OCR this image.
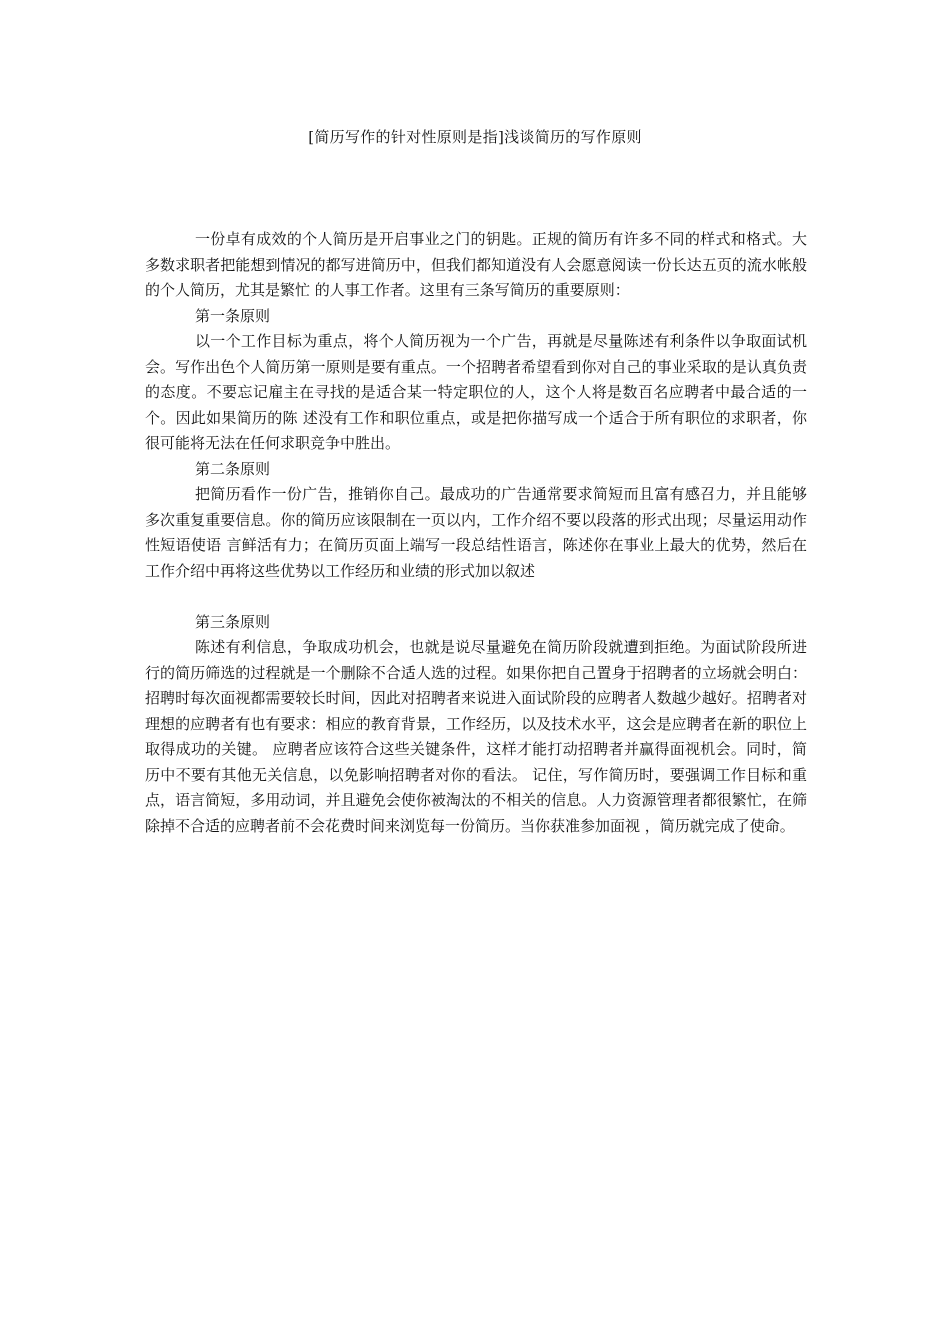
[简历写作的针对性原则是指]浅谈简历的写作原则

一份卓有成效的个人简历是开启事业之门的钥匙。正规的简历有许多不同的样式和格式。大多数求职者把能想到情况的都写进简历中，但我们都知道没有人会愿意阅读一份长达五页的流水帐般的个人简历，尤其是繁忙 的人事工作者。这里有三条写简历的重要原则：

第一条原则

以一个工作目标为重点，将个人简历视为一个广告，再就是尽量陈述有利条件以争取面试机会。写作出色个人简历第一原则是要有重点。一个招聘者希望看到你对自己的事业采取的是认真负责的态度。不要忘记雇主在寻找的是适合某一特定职位的人，这个人将是数百名应聘者中最合适的一个。因此如果简历的陈 述没有工作和职位重点，或是把你描写成一个适合于所有职位的求职者，你很可能将无法在任何求职竞争中胜出。

第二条原则

把简历看作一份广告，推销你自己。最成功的广告通常要求简短而且富有感召力，并且能够多次重复重要信息。你的简历应该限制在一页以内，工作介绍不要以段落的形式出现；尽量运用动作性短语使语 言鲜活有力；在简历页面上端写一段总结性语言，陈述你在事业上最大的优势，然后在工作介绍中再将这些优势以工作经历和业绩的形式加以叙述

第三条原则

陈述有利信息，争取成功机会，也就是说尽量避免在简历阶段就遭到拒绝。为面试阶段所进行的简历筛选的过程就是一个删除不合适人选的过程。如果你把自己置身于招聘者的立场就会明白： 招聘时每次面视都需要较长时间，因此对招聘者来说进入面试阶段的应聘者人数越少越好。招聘者对理想的应聘者有也有要求：相应的教育背景，工作经历，以及技术水平，这会是应聘者在新的职位上取得成功的关键。 应聘者应该符合这些关键条件，这样才能打动招聘者并赢得面视机会。同时，简历中不要有其他无关信息，以免影响招聘者对你的看法。 记住，写作简历时，要强调工作目标和重点，语言简短，多用动词，并且避免会使你被淘汰的不相关的信息。人力资源管理者都很繁忙，在筛除掉不合适的应聘者前不会花费时间来浏览每一份简历。当你获准参加面视 ，简历就完成了使命。
